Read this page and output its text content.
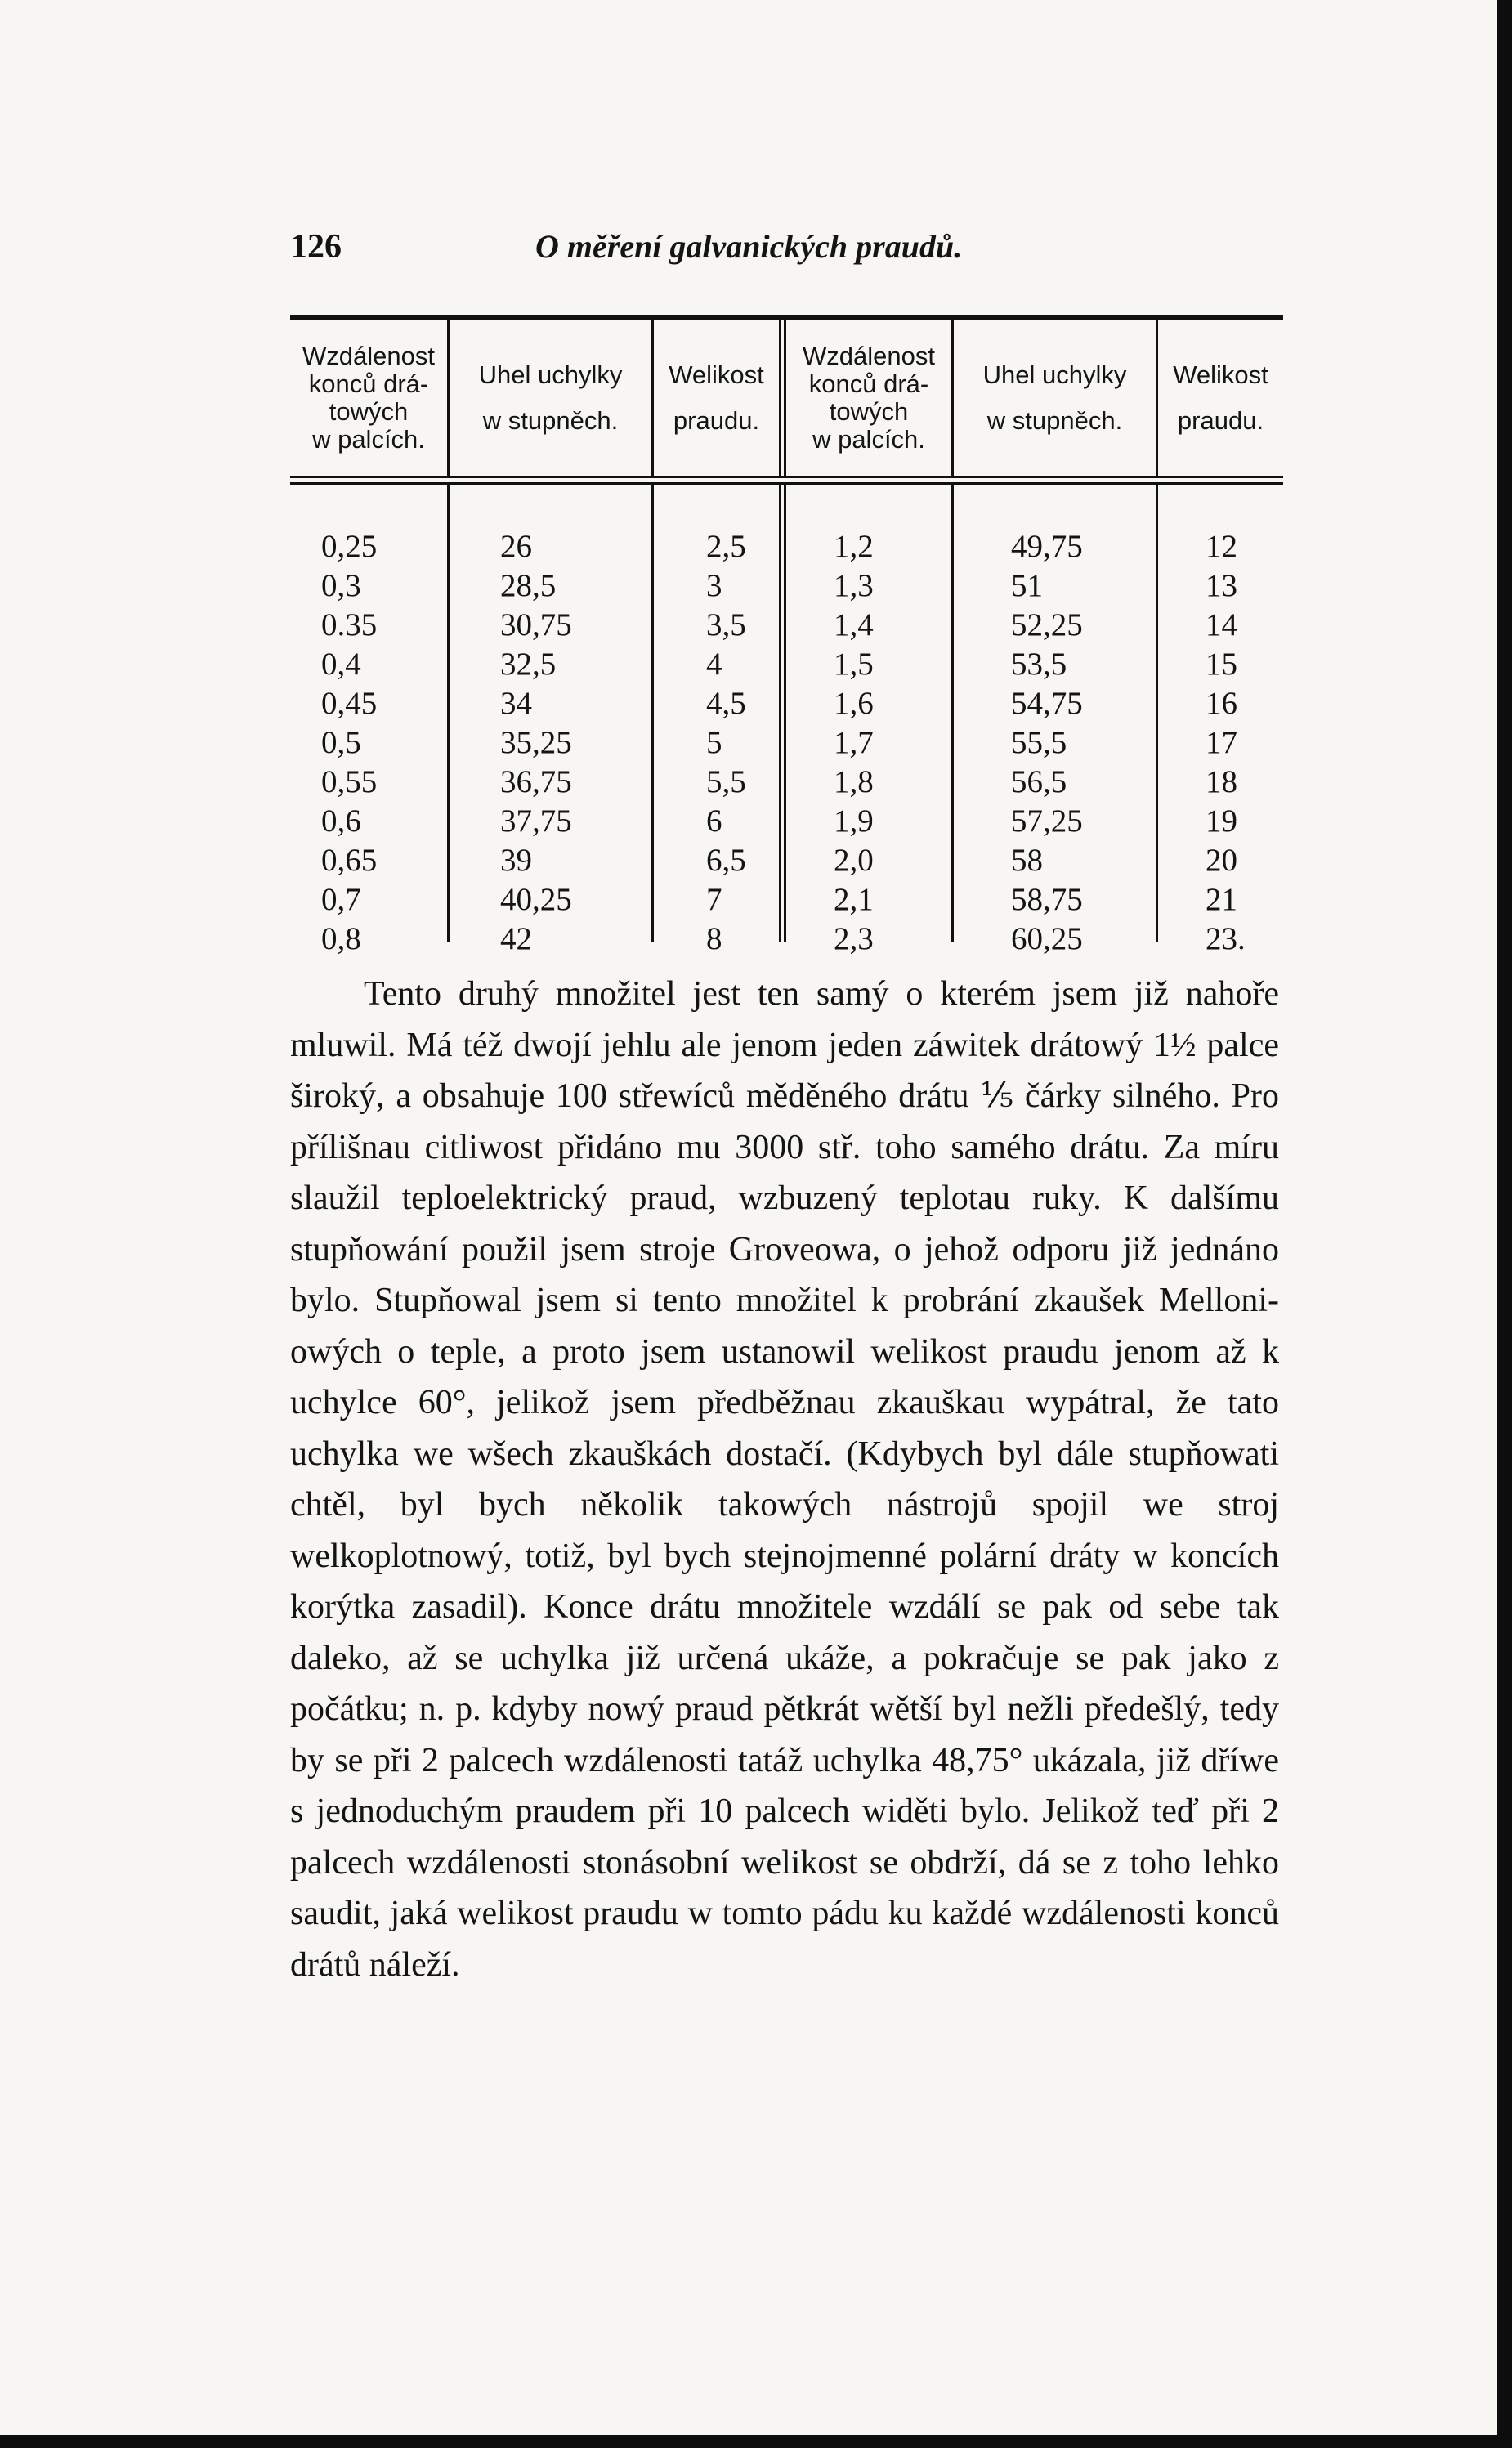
126	O měření galvanických praudů.
Wzdálenost
konců drá-
towých
w palcích.
Uhel uchylky
w stupněch.
Welikost
praudu.
Wzdálenost
konců drá-
towých
w palcích.
Uhel uchylky
w stupněch.
Welikost
praudu.
0,25
0,3
0.35
0,4
0,45
0,5
0,55
0,6
0,65
0,7
0,8
26
28,5
30,75
32,5
34
35,25
36,75
37,75
39
40,25
42
2,5
3
3,5
4
4,5
5
5,5
6
6,5
7
8
1,2
1,3
1,4
1,5
1,6
1,7
1,8
1,9
2,0
2,1
2,3
49,75
51
52,25
53,5
54,75
55,5
56,5
57,25
58
58,75
60,25
12
13
14
15
16
17
18
19
20
21
23.

Tento druhý množitel jest ten samý o kterém jsem již nahoře mluwil. Má též dwojí jehlu ale jenom jeden záwitek drátowý 1½ palce široký, a obsahuje 100 střewíců měděného drátu ⅕ čárky silného. Pro přílišnau citliwost přidáno mu 3000 stř. toho samého drátu. Za míru slaužil teploelektrický praud, wzbuzený teplotau ruky. K dalšímu stupňowání použil jsem stroje Groveowa, o jehož odporu již jednáno bylo. Stupňowal jsem si tento množitel k probrání zkaušek Melloni-owých o teple, a proto jsem ustanowil welikost praudu jenom až k uchylce 60°, jelikož jsem předběžnau zkauškau wypátral, že tato uchylka we wšech zkauškách dostačí. (Kdybych byl dále stupňowati chtěl, byl bych několik takowých nástrojů spojil we stroj welkoplotnowý, totiž, byl bych stejnojmenné polární dráty w koncích korýtka zasadil). Konce drátu množitele wzdálí se pak od sebe tak daleko, až se uchylka již určená ukáže, a pokračuje se pak jako z počátku; n. p. kdyby nowý praud pětkrát wětší byl nežli předešlý, tedy by se při 2 palcech wzdálenosti tatáž uchylka 48,75° ukázala, již dříwe s jednoduchým praudem při 10 palcech widěti bylo. Jelikož teď při 2 palcech wzdálenosti stonásobní welikost se obdrží, dá se z toho lehko saudit, jaká welikost praudu w tomto pádu ku každé wzdálenosti konců drátů náleží.
